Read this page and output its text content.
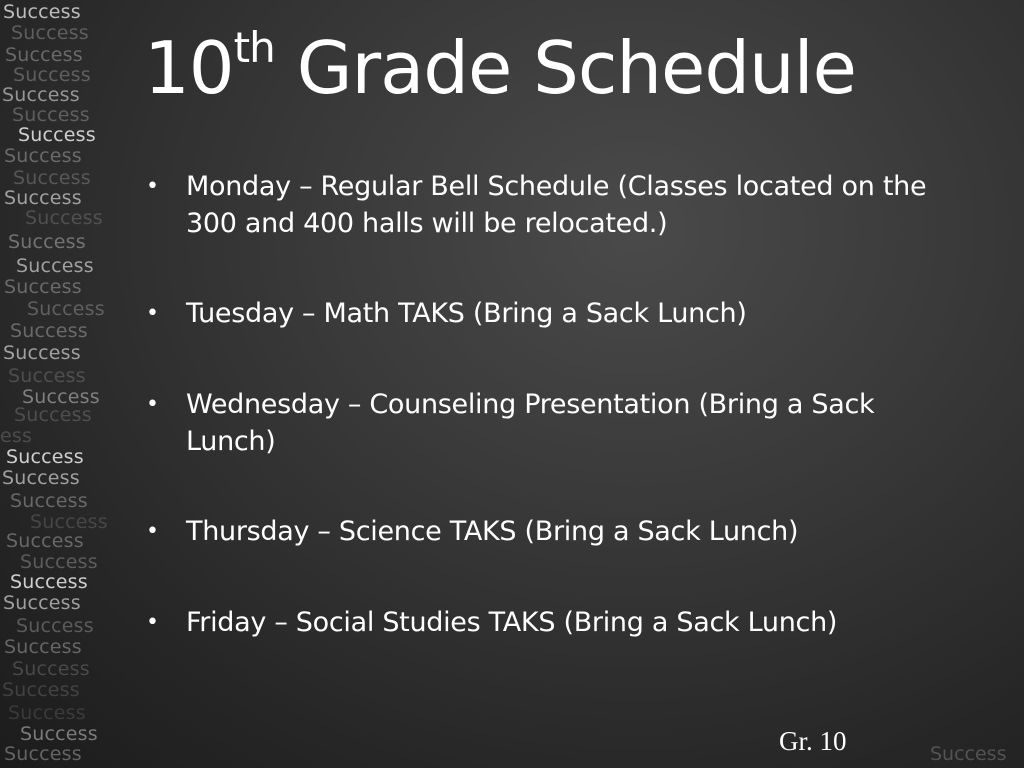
Success
Success
Success
Success
Success
Success
Success
Success
Success
Success
Success
Success
Success
Success
Success
Success
Success
Success
Success
Success
ess
Success
Success
Success
Success
Success
Success
Success
Success
Success
Success
Success
Success
Success
Success
Success	Success
10th Grade Schedule
• Monday – Regular Bell Schedule (Classes located on the 300 and 400 halls will be relocated.)
• Tuesday – Math TAKS (Bring a Sack Lunch)
• Wednesday – Counseling Presentation (Bring a Sack Lunch)
• Thursday – Science TAKS (Bring a Sack Lunch)
• Friday – Social Studies TAKS (Bring a Sack Lunch)
Gr. 10
